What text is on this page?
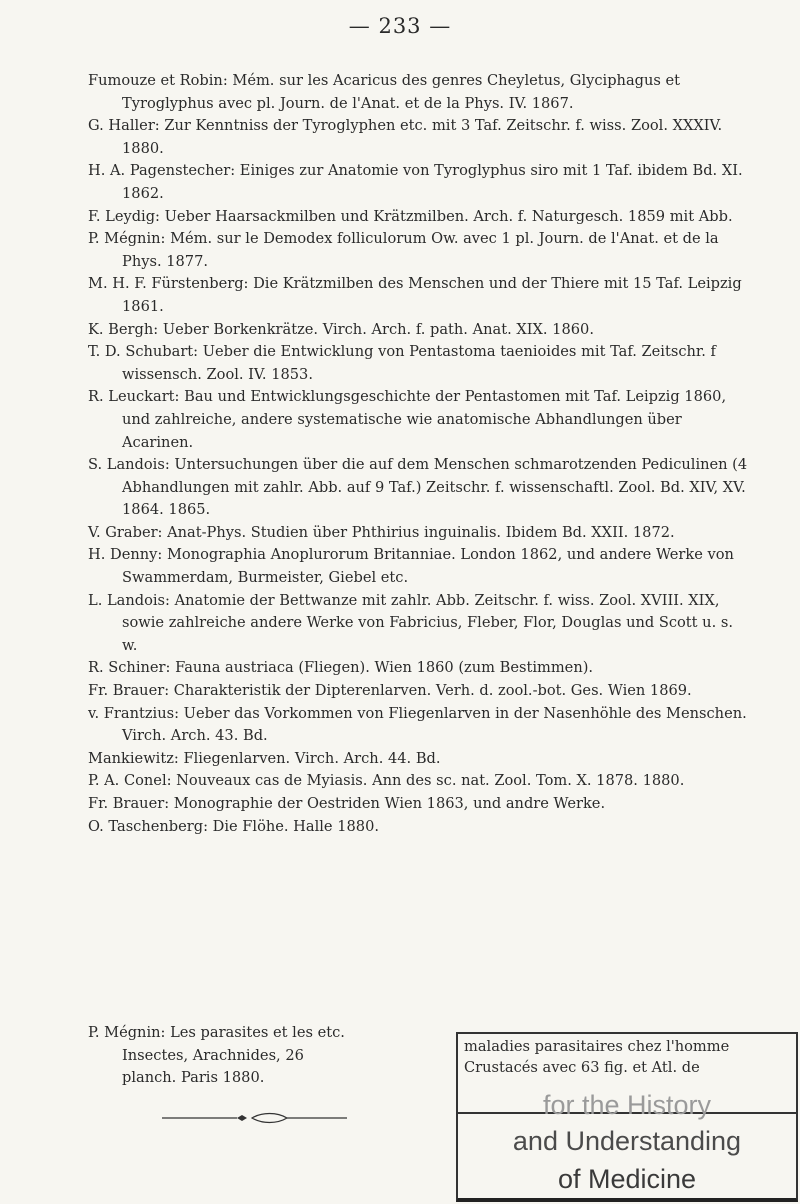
— 233 —
Fumouze et Robin: Mém. sur les Acaricus des genres Cheyletus, Glyciphagus et Tyroglyphus avec pl. Journ. de l'Anat. et de la Phys. IV. 1867.
G. Haller: Zur Kenntniss der Tyroglyphen etc. mit 3 Taf. Zeitschr. f. wiss. Zool. XXXIV. 1880.
H. A. Pagenstecher: Einiges zur Anatomie von Tyroglyphus siro mit 1 Taf. ibidem Bd. XI. 1862.
F. Leydig: Ueber Haarsackmilben und Krätzmilben. Arch. f. Naturgesch. 1859 mit Abb.
P. Mégnin: Mém. sur le Demodex folliculorum Ow. avec 1 pl. Journ. de l'Anat. et de la Phys. 1877.
M. H. F. Fürstenberg: Die Krätzmilben des Menschen und der Thiere mit 15 Taf. Leipzig 1861.
K. Bergh: Ueber Borkenkrätze. Virch. Arch. f. path. Anat. XIX. 1860.
T. D. Schubart: Ueber die Entwicklung von Pentastoma taenioides mit Taf. Zeitschr. f wissensch. Zool. IV. 1853.
R. Leuckart: Bau und Entwicklungsgeschichte der Pentastomen mit Taf. Leipzig 1860, und zahlreiche, andere systematische wie anatomische Abhandlungen über Acarinen.
S. Landois: Untersuchungen über die auf dem Menschen schmarotzenden Pediculinen (4 Abhandlungen mit zahlr. Abb. auf 9 Taf.) Zeitschr. f. wissenschaftl. Zool. Bd. XIV, XV. 1864. 1865.
V. Graber: Anat-Phys. Studien über Phthirius inguinalis. Ibidem Bd. XXII. 1872.
H. Denny: Monographia Anoplurorum Britanniae. London 1862, und andere Werke von Swammerdam, Burmeister, Giebel etc.
L. Landois: Anatomie der Bettwanze mit zahlr. Abb. Zeitschr. f. wiss. Zool. XVIII. XIX, sowie zahlreiche andere Werke von Fabricius, Fleber, Flor, Douglas und Scott u. s. w.
R. Schiner: Fauna austriaca (Fliegen). Wien 1860 (zum Bestimmen).
Fr. Brauer: Charakteristik der Dipterenlarven. Verh. d. zool.-bot. Ges. Wien 1869.
v. Frantzius: Ueber das Vorkommen von Fliegenlarven in der Nasenhöhle des Menschen. Virch. Arch. 43. Bd.
Mankiewitz: Fliegenlarven. Virch. Arch. 44. Bd.
P. A. Conel: Nouveaux cas de Myiasis. Ann des sc. nat. Zool. Tom. X. 1878. 1880.
Fr. Brauer: Monographie der Oestriden Wien 1863, und andre Werke.
O. Taschenberg: Die Flöhe. Halle 1880.
P. Mégnin: Les parasites et les etc. Insectes, Arachnides, 26 planch. Paris 1880.
maladies parasitaires chez l'homme
Crustacés avec 63 fig. et Atl. de
for the History
and Understanding
of Medicine
